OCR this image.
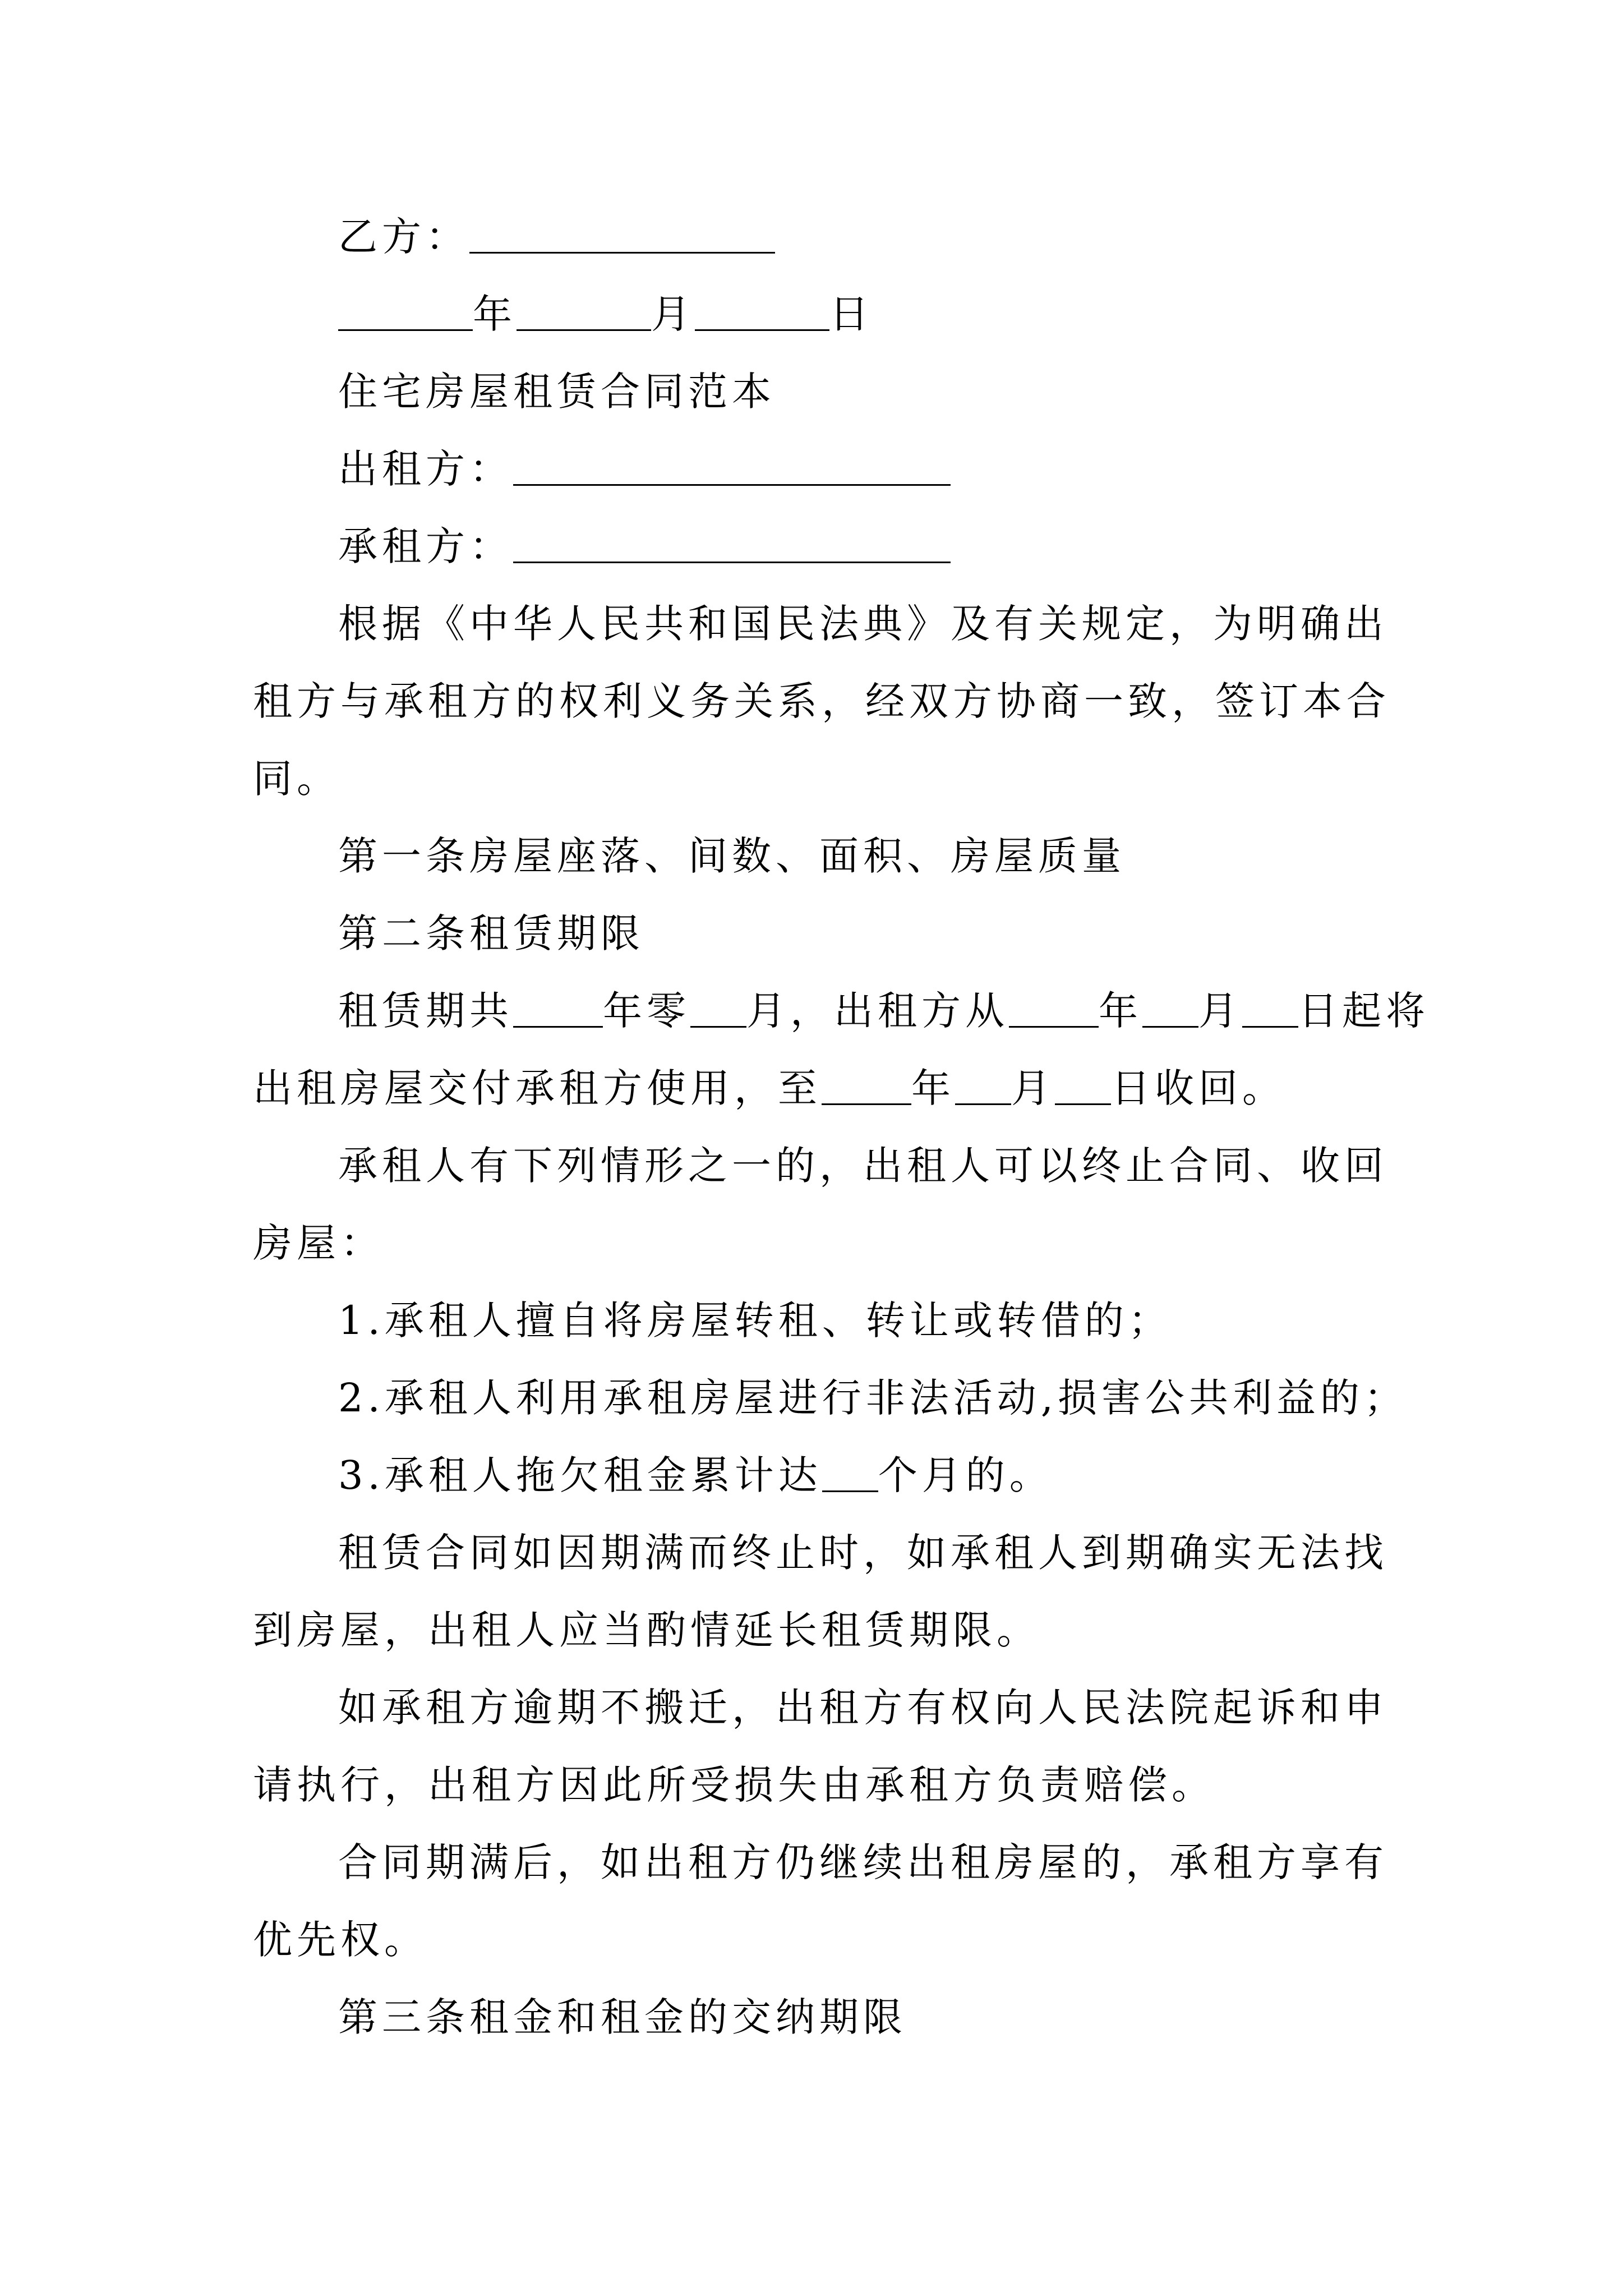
乙方：
年	月	日
住宅房屋租赁合同范本
出租方：
承租方：
根据《中华人民共和国民法典》及有关规定，为明确出
租方与承租方的权利义务关系，经双方协商一致，签订本合
同。
第一条房屋座落、间数、面积、房屋质量
第二条租赁期限
租赁期共 年零 月，出租方从 年 月 日起将
出租房屋交付承租方使用，至 年 月 日收回。
承租人有下列情形之一的，出租人可以终止合同、收回
房屋：
1.承租人擅自将房屋转租、转让或转借的；
2.承租人利用承租房屋进行非法活动,损害公共利益的；
3.承租人拖欠租金累计达 个月的。
租赁合同如因期满而终止时，如承租人到期确实无法找
到房屋，出租人应当酌情延长租赁期限。
如承租方逾期不搬迁，出租方有权向人民法院起诉和申
请执行，出租方因此所受损失由承租方负责赔偿。
合同期满后，如出租方仍继续出租房屋的，承租方享有
优先权。
第三条租金和租金的交纳期限
